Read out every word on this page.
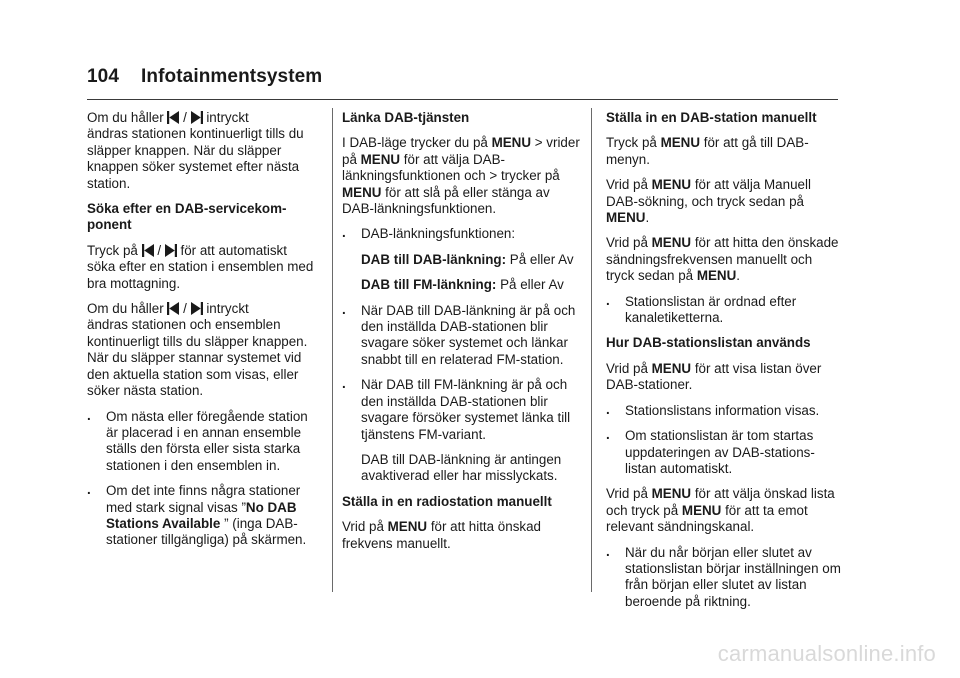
104 Infotainmentsystem

Om du håller / intryckt
ändras stationen kontinuerligt tills du släpper knappen. När du släpper knappen söker systemet efter nästa station.

Söka efter en DAB-servicekom-ponent

Tryck på / för att automatiskt
söka efter en station i ensemblen med bra mottagning.

Om du håller / intryckt
ändras stationen och ensemblen kontinuerligt tills du släpper knappen. När du släpper stannar systemet vid den aktuella station som visas, eller söker nästa station.

. Om nästa eller föregående station är placerad i en annan ensemble ställs den första eller sista starka stationen i den ensemblen in.
. Om det inte finns några stationer med stark signal visas ”No DAB Stations Available ” (inga DAB-stationer tillgängliga) på skärmen.

Länka DAB-tjänsten

I DAB-läge trycker du på MENU > vrider på MENU för att välja DAB-länkningsfunktionen och > trycker på MENU för att slå på eller stänga av DAB-länkningsfunktionen.

. DAB-länkningsfunktionen:

DAB till DAB-länkning: På eller Av

DAB till FM-länkning: På eller Av

. När DAB till DAB-länkning är på och den inställda DAB-stationen blir svagare söker systemet och länkar snabbt till en relaterad FM-station.
. När DAB till FM-länkning är på och den inställda DAB-stationen blir svagare försöker systemet länka till tjänstens FM-variant.

DAB till DAB-länkning är antingen avaktiverad eller har misslyckats.

Ställa in en radiostation manuellt

Vrid på MENU för att hitta önskad frekvens manuellt.

Ställa in en DAB-station manuellt

Tryck på MENU för att gå till DAB-menyn.

Vrid på MENU för att välja Manuell DAB-sökning, och tryck sedan på MENU.

Vrid på MENU för att hitta den önskade sändningsfrekvensen manuellt och tryck sedan på MENU.

. Stationslistan är ordnad efter kanaletiketterna.

Hur DAB-stationslistan används

Vrid på MENU för att visa listan över DAB-stationer.

. Stationslistans information visas.
. Om stationslistan är tom startas uppdateringen av DAB-stations-listan automatiskt.

Vrid på MENU för att välja önskad lista och tryck på MENU för att ta emot relevant sändningskanal.

. När du når början eller slutet av stationslistan börjar inställningen om från början eller slutet av listan beroende på riktning.
carmanualsonline.info
